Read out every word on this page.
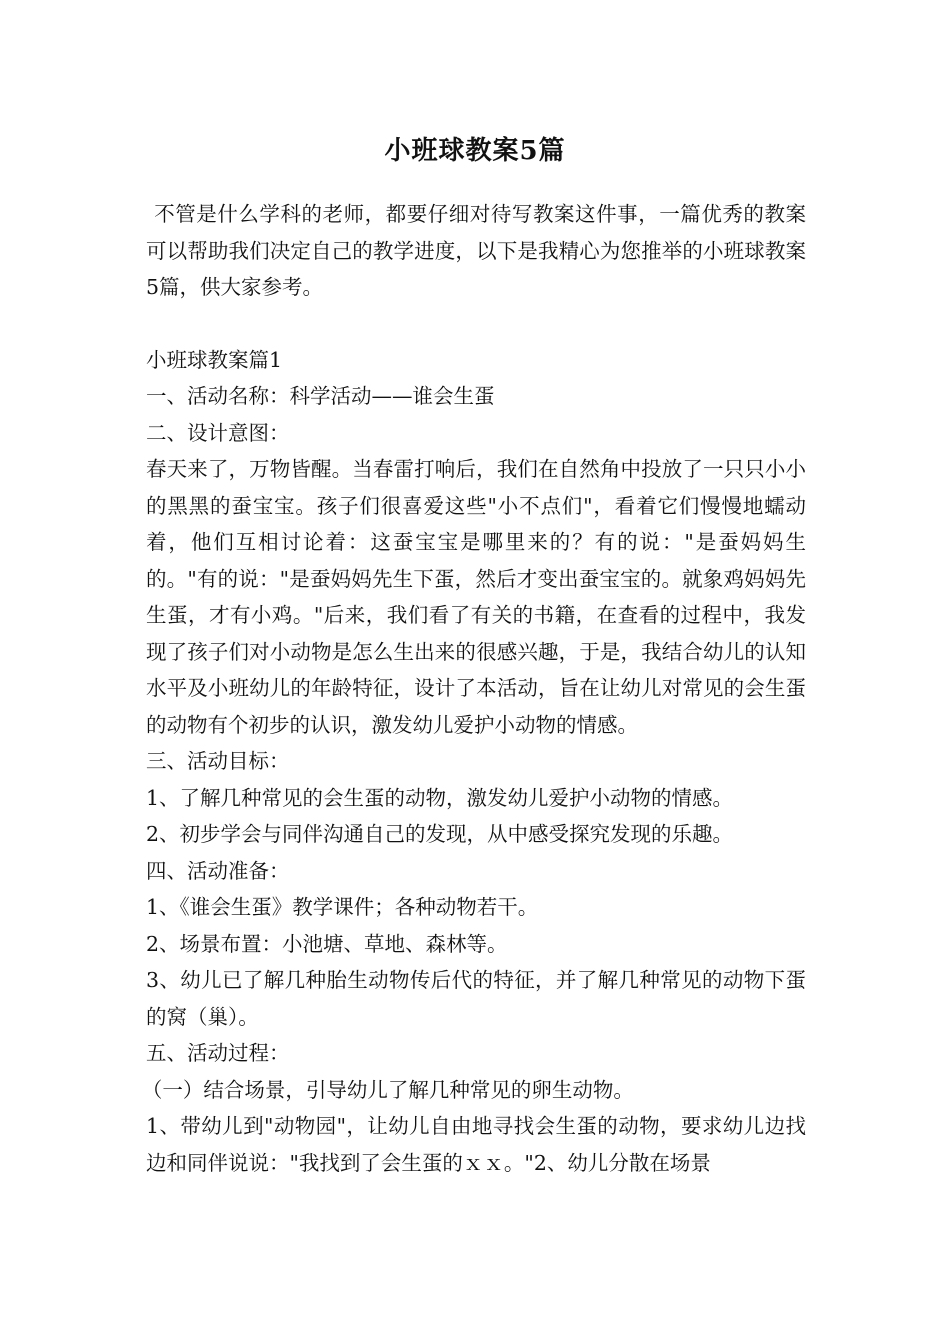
小班球教案5篇

不管是什么学科的老师，都要仔细对待写教案这件事，一篇优秀的教案可以帮助我们决定自己的教学进度，以下是我精心为您推举的小班球教案5篇，供大家参考。

小班球教案篇1

一、活动名称：科学活动——谁会生蛋

二、设计意图：

春天来了，万物皆醒。当春雷打响后，我们在自然角中投放了一只只小小的黑黑的蚕宝宝。孩子们很喜爱这些"小不点们"，看着它们慢慢地蠕动着，他们互相讨论着：这蚕宝宝是哪里来的？有的说："是蚕妈妈生的。"有的说："是蚕妈妈先生下蛋，然后才变出蚕宝宝的。就象鸡妈妈先生蛋，才有小鸡。"后来，我们看了有关的书籍，在查看的过程中，我发现了孩子们对小动物是怎么生出来的很感兴趣，于是，我结合幼儿的认知水平及小班幼儿的年龄特征，设计了本活动，旨在让幼儿对常见的会生蛋的动物有个初步的认识，激发幼儿爱护小动物的情感。

三、活动目标：

1、了解几种常见的会生蛋的动物，激发幼儿爱护小动物的情感。

2、初步学会与同伴沟通自己的发现，从中感受探究发现的乐趣。

四、活动准备：

1、《谁会生蛋》教学课件；各种动物若干。

2、场景布置：小池塘、草地、森林等。

3、幼儿已了解几种胎生动物传后代的特征，并了解几种常见的动物下蛋的窝（巢）。

五、活动过程：

（一）结合场景，引导幼儿了解几种常见的卵生动物。

1、带幼儿到"动物园"，让幼儿自由地寻找会生蛋的动物，要求幼儿边找边和同伴说说："我找到了会生蛋的ｘｘ。"2、幼儿分散在场景
